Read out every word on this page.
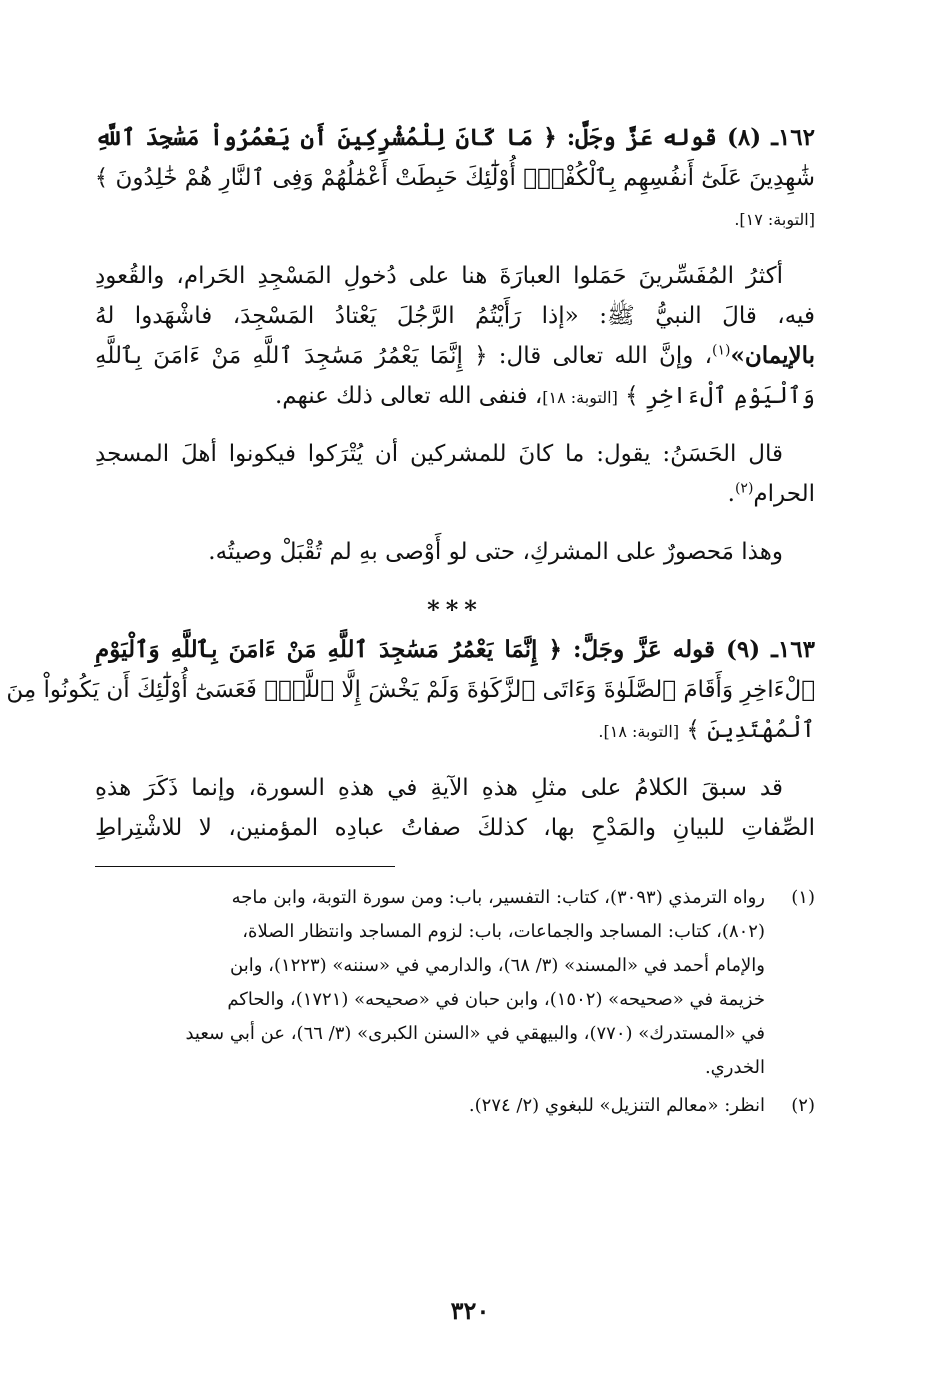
١٦٢ـ (٨) قوله عَزَّ وجَلَّ: ﴿ مَا كَانَ لِلْمُشْرِكِينَ أَن يَعْمُرُواْ مَسَٰجِدَ ٱللَّهِ
شَٰهِدِينَ عَلَىٰٓ أَنفُسِهِم بِٱلْكُفْرِۚ أُوْلَٰٓئِكَ حَبِطَتْ أَعْمَٰلُهُمْ وَفِى ٱلنَّارِ هُمْ خَٰلِدُونَ ﴾
[التوبة: ١٧].
أكثرُ المُفَسِّرينَ حَمَلوا العبارَةَ هنا على دُخولِ المَسْجِدِ الحَرام، والقُعودِ
فيه، قالَ النبيُّ ﷺ: «إذا رَأَيْتُمُ الرَّجُلَ يَعْتادُ المَسْجِدَ، فاشْهَدوا لهُ
بالإيمان»$^{(١)}$، وإنَّ الله تعالى قال: ﴿ إِنَّمَا يَعْمُرُ مَسَٰجِدَ ٱللَّهِ مَنْ ءَامَنَ بِٱللَّهِ
وَٱلْيَوْمِ ٱلْءَاخِرِ ﴾ [التوبة: ١٨]، فنفى الله تعالى ذلك عنهم.
قال الحَسَنُ: يقول: ما كانَ للمشركين أن يُتْرَكوا فيكونوا أهلَ المسجدِ
الحرام$^{(٢)}$.
وهذا مَحصورٌ على المشركِ، حتى لو أَوْصى بهِ لم تُقْبَلْ وصيتُه.
***
١٦٣ـ (٩) قوله عَزَّ وجَلَّ: ﴿ إِنَّمَا يَعْمُرُ مَسَٰجِدَ ٱللَّهِ مَنْ ءَامَنَ بِٱللَّهِ وَٱلْيَوْمِ
ٱلْءَاخِرِ وَأَقَامَ ٱلصَّلَوٰةَ وَءَاتَى ٱلزَّكَوٰةَ وَلَمْ يَخْشَ إِلَّا ٱللَّهَۖ فَعَسَىٰٓ أُوْلَٰٓئِكَ أَن يَكُونُواْ مِنَ
ٱلْمُهْتَدِينَ ﴾ [التوبة: ١٨].
قد سبقَ الكلامُ على مثلِ هذهِ الآيةِ في هذهِ السورة، وإنما ذَكَرَ هذهِ
الصِّفاتِ للبيانِ والمَدْحِ بها، كذلكَ صفاتُ عبادِه المؤمنين، لا للاشْتِراطِ
(١)
رواه الترمذي (٣٠٩٣)، كتاب: التفسير، باب: ومن سورة التوبة، وابن ماجه
(٨٠٢)، كتاب: المساجد والجماعات، باب: لزوم المساجد وانتظار الصلاة،
والإمام أحمد في «المسند» (٣/ ٦٨)، والدارمي في «سننه» (١٢٢٣)، وابن
خزيمة في «صحيحه» (١٥٠٢)، وابن حبان في «صحيحه» (١٧٢١)، والحاكم
في «المستدرك» (٧٧٠)، والبيهقي في «السنن الكبرى» (٣/ ٦٦)، عن أبي سعيد
الخدري.
(٢)
انظر: «معالم التنزيل» للبغوي (٢/ ٢٧٤).
٣٢٠
